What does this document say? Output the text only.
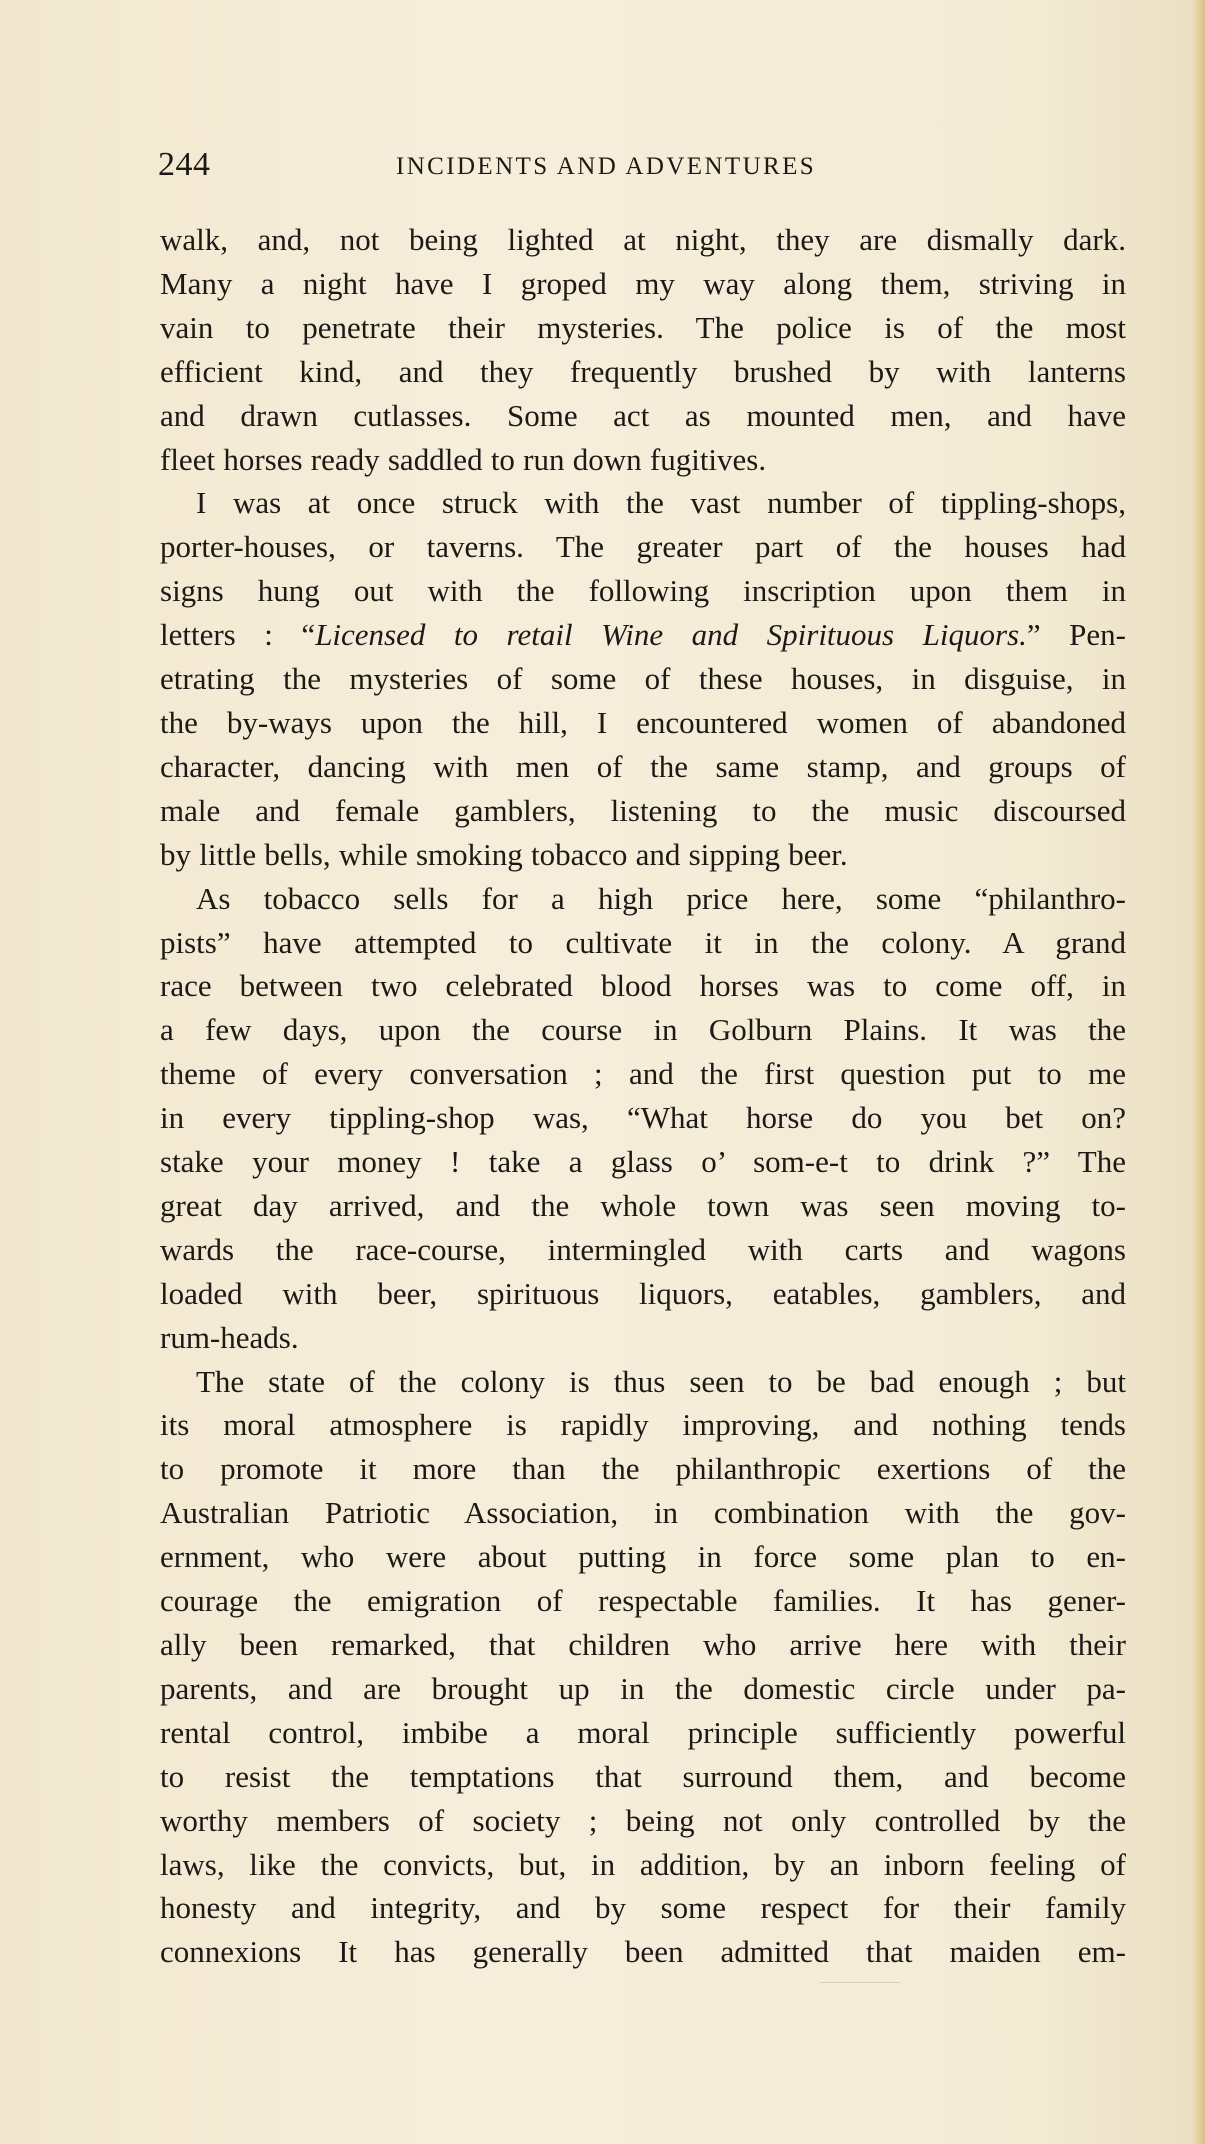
244	INCIDENTS AND ADVENTURES

walk, and, not being lighted at night, they are dismally dark.
Many a night have I groped my way along them, striving in
vain to penetrate their mysteries. The police is of the most
efficient kind, and they frequently brushed by with lanterns
and drawn cutlasses. Some act as mounted men, and have
fleet horses ready saddled to run down fugitives.

I was at once struck with the vast number of tippling-shops,
porter-houses, or taverns. The greater part of the houses had
signs hung out with the following inscription upon them in
letters : “Licensed to retail Wine and Spirituous Liquors.” Pen-
etrating the mysteries of some of these houses, in disguise, in
the by-ways upon the hill, I encountered women of abandoned
character, dancing with men of the same stamp, and groups of
male and female gamblers, listening to the music discoursed
by little bells, while smoking tobacco and sipping beer.

As tobacco sells for a high price here, some “philanthro-
pists” have attempted to cultivate it in the colony. A grand
race between two celebrated blood horses was to come off, in
a few days, upon the course in Golburn Plains. It was the
theme of every conversation ; and the first question put to me
in every tippling-shop was, “What horse do you bet on?
stake your money ! take a glass o’ som-e-t to drink ?” The
great day arrived, and the whole town was seen moving to-
wards the race-course, intermingled with carts and wagons
loaded with beer, spirituous liquors, eatables, gamblers, and
rum-heads.

The state of the colony is thus seen to be bad enough ; but
its moral atmosphere is rapidly improving, and nothing tends
to promote it more than the philanthropic exertions of the
Australian Patriotic Association, in combination with the gov-
ernment, who were about putting in force some plan to en-
courage the emigration of respectable families. It has gener-
ally been remarked, that children who arrive here with their
parents, and are brought up in the domestic circle under pa-
rental control, imbibe a moral principle sufficiently powerful
to resist the temptations that surround them, and become
worthy members of society ; being not only controlled by the
laws, like the convicts, but, in addition, by an inborn feeling of
honesty and integrity, and by some respect for their family
connexions It has generally been admitted that maiden em-
